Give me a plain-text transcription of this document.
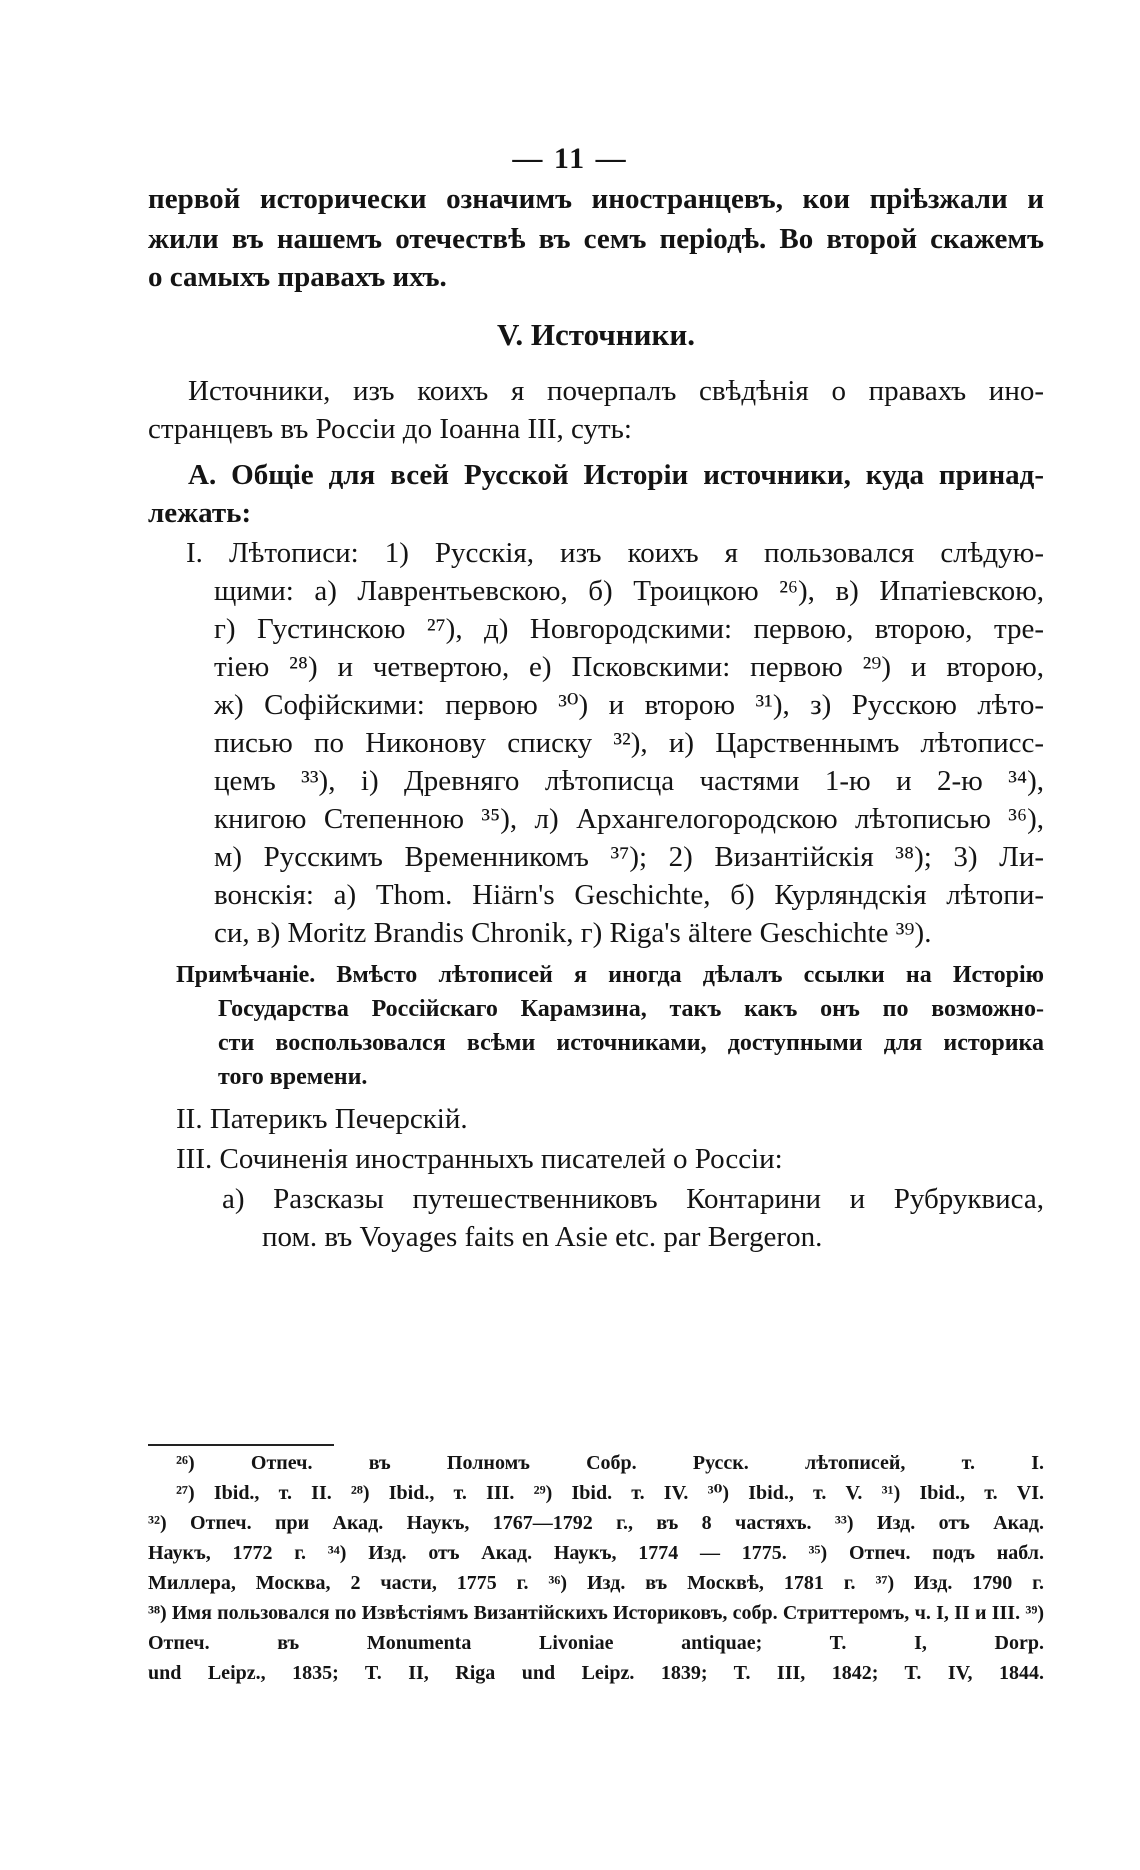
— 11 —
первой исторически означимъ иностранцевъ, кои пріѣзжали и
жили въ нашемъ отечествѣ въ семъ періодѣ. Во второй скажемъ
о самыхъ правахъ ихъ.
V. Источники.
Источники, изъ коихъ я почерпалъ свѣдѣнія о правахъ ино-
странцевъ въ Россіи до Іоанна III, суть:
A. Общіе для всей Русской Исторіи источники, куда принад-
лежать:
I. Лѣтописи: 1) Русскія, изъ коихъ я пользовался слѣдую-
щими: а) Лаврентьевскою, б) Троицкою ²⁶), в) Ипатіевскою,
г) Густинскою ²⁷), д) Новгородскими: первою, второю, тре-
тіею ²⁸) и четвертою, е) Псковскими: первою ²⁹) и второю,
ж) Софійскими: первою ³⁰) и второю ³¹), з) Русскою лѣто-
писью по Никонову списку ³²), и) Царственнымъ лѣтописс-
цемъ ³³), і) Древняго лѣтописца частями 1-ю и 2-ю ³⁴),
книгою Степенною ³⁵), л) Архангелогородскою лѣтописью ³⁶),
м) Русскимъ Временникомъ ³⁷); 2) Византійскія ³⁸); 3) Ли-
вонскія: а) Thom. Hiärn's Geschichte, б) Курляндскія лѣтопи-
си, в) Moritz Brandis Chronik, г) Riga's ältere Geschichte ³⁹).
Примѣчаніе. Вмѣсто лѣтописей я иногда дѣлалъ ссылки на Исторію
Государства Россійскаго Карамзина, такъ какъ онъ по возможно-
сти воспользовался всѣми источниками, доступными для историка
того времени.
II. Патерикъ Печерскій.
III. Сочиненія иностранныхъ писателей о Россіи:
а) Разсказы путешественниковъ Контарини и Рубруквиса,
пом. въ Voyages faits en Asie etc. par Bergeron.
²⁶) Отпеч. въ Полномъ Собр. Русск. лѣтописей, т. I.
²⁷) Ibid., т. II. ²⁸) Ibid., т. III. ²⁹) Ibid. т. IV. ³⁰) Ibid., т. V. ³¹) Ibid., т. VI.
³²) Отпеч. при Акад. Наукъ, 1767—1792 г., въ 8 частяхъ. ³³) Изд. отъ Акад.
Наукъ, 1772 г. ³⁴) Изд. отъ Акад. Наукъ, 1774 — 1775. ³⁵) Отпеч. подъ набл.
Миллера, Москва, 2 части, 1775 г. ³⁶) Изд. въ Москвѣ, 1781 г. ³⁷) Изд. 1790 г.
³⁸) Имя пользовался по Извѣстіямъ Византійскихъ Историковъ, собр. Стриттеромъ, ч. I, II и III. ³⁹) Отпеч. въ Monumenta Livoniae antiquae; T. I, Dorp.
und Leipz., 1835; T. II, Riga und Leipz. 1839; T. III, 1842; T. IV, 1844.
